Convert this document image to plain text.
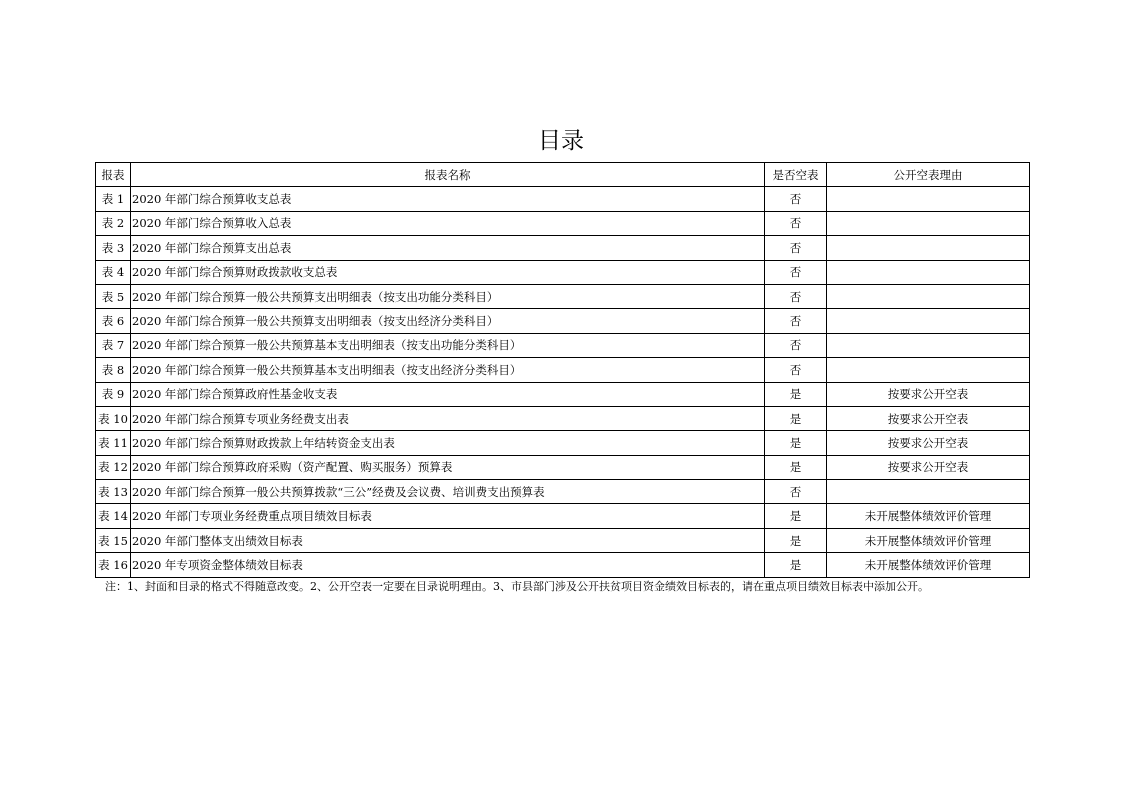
目录
报表	报表名称	是否空表	公开空表理由
表 1	2020 年部门综合预算收支总表	否	
表 2	2020 年部门综合预算收入总表	否	
表 3	2020 年部门综合预算支出总表	否	
表 4	2020 年部门综合预算财政拨款收支总表	否	
表 5	2020 年部门综合预算一般公共预算支出明细表（按支出功能分类科目）	否	
表 6	2020 年部门综合预算一般公共预算支出明细表（按支出经济分类科目）	否	
表 7	2020 年部门综合预算一般公共预算基本支出明细表（按支出功能分类科目）	否	
表 8	2020 年部门综合预算一般公共预算基本支出明细表（按支出经济分类科目）	否	
表 9	2020 年部门综合预算政府性基金收支表	是	按要求公开空表
表 10	2020 年部门综合预算专项业务经费支出表	是	按要求公开空表
表 11	2020 年部门综合预算财政拨款上年结转资金支出表	是	按要求公开空表
表 12	2020 年部门综合预算政府采购（资产配置、购买服务）预算表	是	按要求公开空表
表 13	2020 年部门综合预算一般公共预算拨款“三公”经费及会议费、培训费支出预算表	否	
表 14	2020 年部门专项业务经费重点项目绩效目标表	是	未开展整体绩效评价管理
表 15	2020 年部门整体支出绩效目标表	是	未开展整体绩效评价管理
表 16	2020 年专项资金整体绩效目标表	是	未开展整体绩效评价管理
注：1、封面和目录的格式不得随意改变。2、公开空表一定要在目录说明理由。3、市县部门涉及公开扶贫项目资金绩效目标表的，请在重点项目绩效目标表中添加公开。
